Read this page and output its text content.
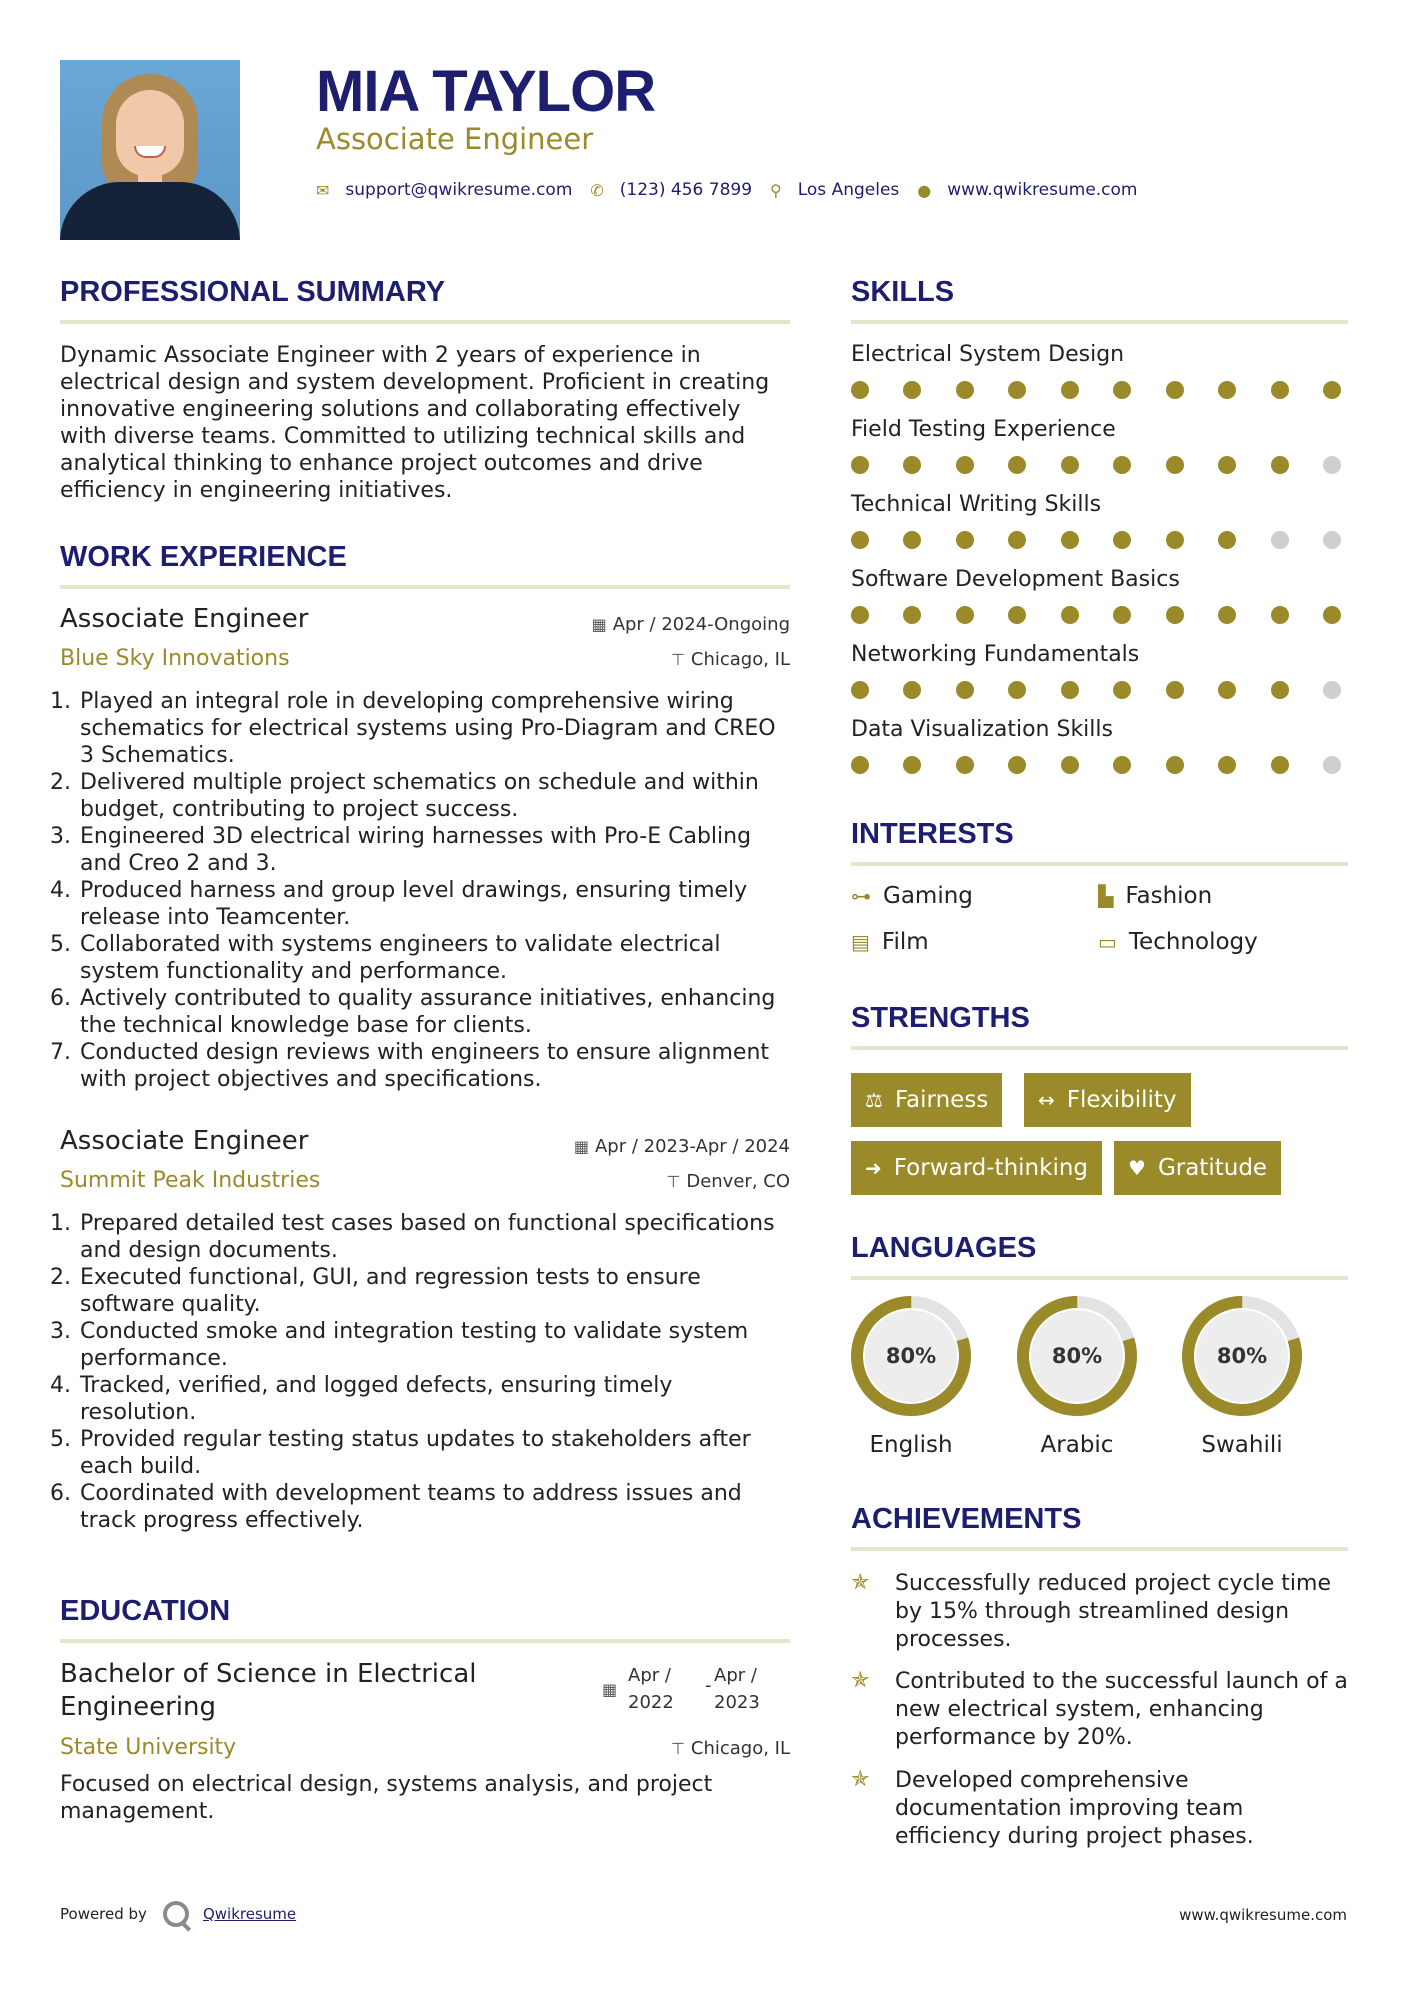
MIA TAYLOR
Associate Engineer
✉ support@qwikresume.com ✆ (123) 456 7899 ⚲ Los Angeles ● www.qwikresume.com
PROFESSIONAL SUMMARY
Dynamic Associate Engineer with 2 years of experience in electrical design and system development. Proficient in creating innovative engineering solutions and collaborating effectively with diverse teams. Committed to utilizing technical skills and analytical thinking to enhance project outcomes and drive efficiency in engineering initiatives.
WORK EXPERIENCE
Associate Engineer	▦ Apr / 2024-Ongoing
Blue Sky Innovations	⊤ Chicago, IL
1. Played an integral role in developing comprehensive wiring schematics for electrical systems using Pro-Diagram and CREO 3 Schematics.
2. Delivered multiple project schematics on schedule and within budget, contributing to project success.
3. Engineered 3D electrical wiring harnesses with Pro-E Cabling and Creo 2 and 3.
4. Produced harness and group level drawings, ensuring timely release into Teamcenter.
5. Collaborated with systems engineers to validate electrical system functionality and performance.
6. Actively contributed to quality assurance initiatives, enhancing the technical knowledge base for clients.
7. Conducted design reviews with engineers to ensure alignment with project objectives and specifications.
Associate Engineer	▦ Apr / 2023-Apr / 2024
Summit Peak Industries	⊤ Denver, CO
1. Prepared detailed test cases based on functional specifications and design documents.
2. Executed functional, GUI, and regression tests to ensure software quality.
3. Conducted smoke and integration testing to validate system performance.
4. Tracked, verified, and logged defects, ensuring timely resolution.
5. Provided regular testing status updates to stakeholders after each build.
6. Coordinated with development teams to address issues and track progress effectively.
EDUCATION
Bachelor of Science in Electrical Engineering
▦
Apr /
2022
- Apr /
2023
State University	⊤ Chicago, IL
Focused on electrical design, systems analysis, and project management.
SKILLS
Electrical System Design
Field Testing Experience
Technical Writing Skills
Software Development Basics
Networking Fundamentals
Data Visualization Skills
INTERESTS
⊶ Gaming	▙ Fashion
▤ Film	▭ Technology
STRENGTHS
⚖ Fairness ↔ Flexibility
➜ Forward-thinking ♥ Gratitude
LANGUAGES
80%
English
80%
Arabic
80%
Swahili
ACHIEVEMENTS
✯	Successfully reduced project cycle time by 15% through streamlined design processes.
✯	Contributed to the successful launch of a new electrical system, enhancing performance by 20%.
✯	Developed comprehensive documentation improving team efficiency during project phases.
Powered by	Qwikresume	www.qwikresume.com
